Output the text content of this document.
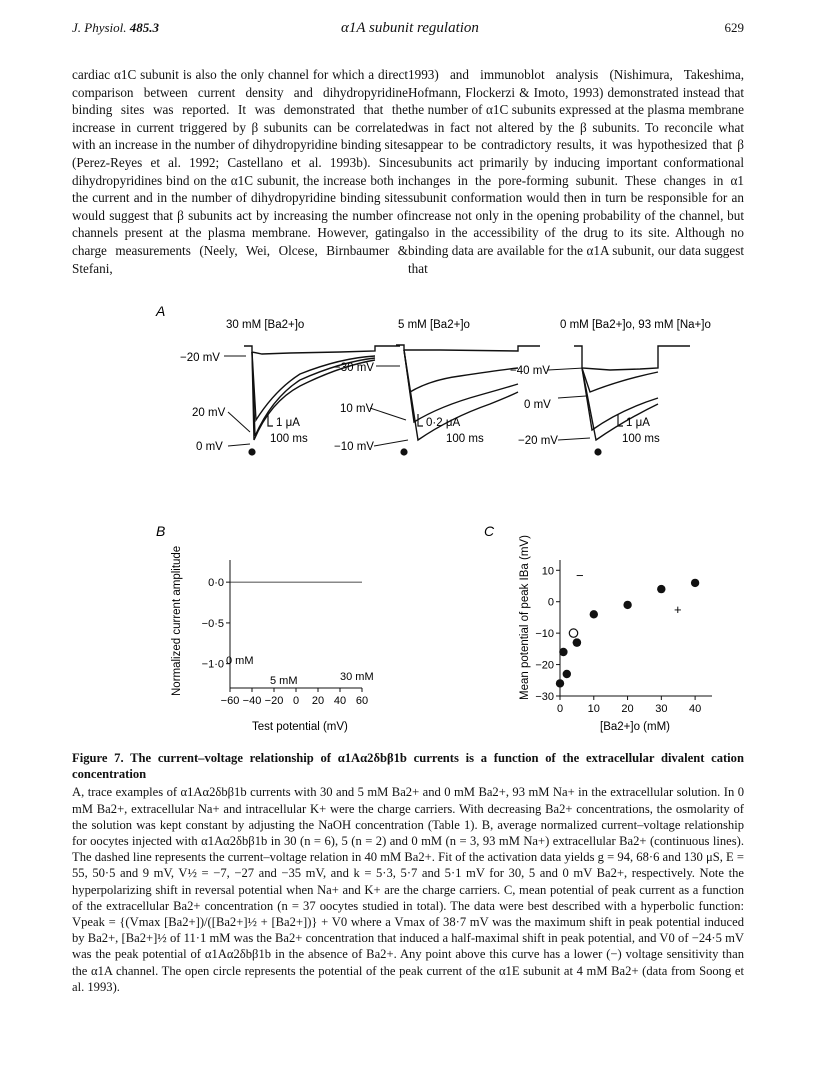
J. Physiol. 485.3	α1A subunit regulation	629

cardiac α1C subunit is also the only channel for which a direct comparison between current density and dihydropyridine binding sites was reported. It was demonstrated that the increase in current triggered by β subunits can be correlated with an increase in the number of dihydropyridine binding sites (Perez-Reyes et al. 1992; Castellano et al. 1993b). Since dihydropyridines bind on the α1C subunit, the increase both in the current and in the number of dihydropyridine binding sites would suggest that β subunits act by increasing the number of channels present at the plasma membrane. However, gating charge measurements (Neely, Wei, Olcese, Birnbaumer & Stefani,

1993) and immunoblot analysis (Nishimura, Takeshima, Hofmann, Flockerzi & Imoto, 1993) demonstrated instead that the number of α1C subunits expressed at the plasma membrane was in fact not altered by the β subunits. To reconcile what appear to be contradictory results, it was hypothesized that β subunits act primarily by inducing important conformational changes in the pore-forming subunit. These changes in α1 subunit conformation would then in turn be responsible for an increase not only in the opening probability of the channel, but also in the accessibility of the drug to its site. Although no binding data are available for the α1A subunit, our data suggest that

A
30 mM [Ba2+]o
−20 mV
20 mV
0 mV
1 μA
100 ms
5 mM [Ba2+]o
−30 mV
10 mV
−10 mV
0·2 μA
100 ms
0 mM [Ba2+]o, 93 mM [Na+]o
−40 mV
0 mV
−20 mV
1 μA
100 ms
B
−60 −40 −20 0 20 40 60
0·0
−0·5
−1·0
Normalized current amplitude
Test potential (mV)
0 mM
5 mM	30 mM
C
0 10 20 30 40
10
0
−10
−20
−30
Mean potential of peak IBa (mV)
[Ba2+]o (mM)
−
+
Figure 7. The current–voltage relationship of α1Aα2δbβ1b currents is a function of the extracellular divalent cation concentration
A, trace examples of α1Aα2δbβ1b currents with 30 and 5 mM Ba2+ and 0 mM Ba2+, 93 mM Na+ in the extracellular solution. In 0 mM Ba2+, extracellular Na+ and intracellular K+ were the charge carriers. With decreasing Ba2+ concentrations, the osmolarity of the solution was kept constant by adjusting the NaOH concentration (Table 1). B, average normalized current–voltage relationship for oocytes injected with α1Aα2δbβ1b in 30 (n = 6), 5 (n = 2) and 0 mM (n = 3, 93 mM Na+) extracellular Ba2+ (continuous lines). The dashed line represents the current–voltage relation in 40 mM Ba2+. Fit of the activation data yields g = 94, 68·6 and 130 μS, E = 55, 50·5 and 9 mV, V½ = −7, −27 and −35 mV, and k = 5·3, 5·7 and 5·1 mV for 30, 5 and 0 mV Ba2+, respectively. Note the hyperpolarizing shift in reversal potential when Na+ and K+ are the charge carriers. C, mean potential of peak current as a function of the extracellular Ba2+ concentration (n = 37 oocytes studied in total). The data were best described with a hyperbolic function: Vpeak = {(Vmax [Ba2+])/([Ba2+]½ + [Ba2+])} + V0 where a Vmax of 38·7 mV was the maximum shift in peak potential induced by Ba2+, [Ba2+]½ of 11·1 mM was the Ba2+ concentration that induced a half-maximal shift in peak potential, and V0 of −24·5 mV was the peak potential of α1Aα2δbβ1b in the absence of Ba2+. Any point above this curve has a lower (−) voltage sensitivity than the α1A channel. The open circle represents the potential of the peak current of the α1E subunit at 4 mM Ba2+ (data from Soong et al. 1993).
